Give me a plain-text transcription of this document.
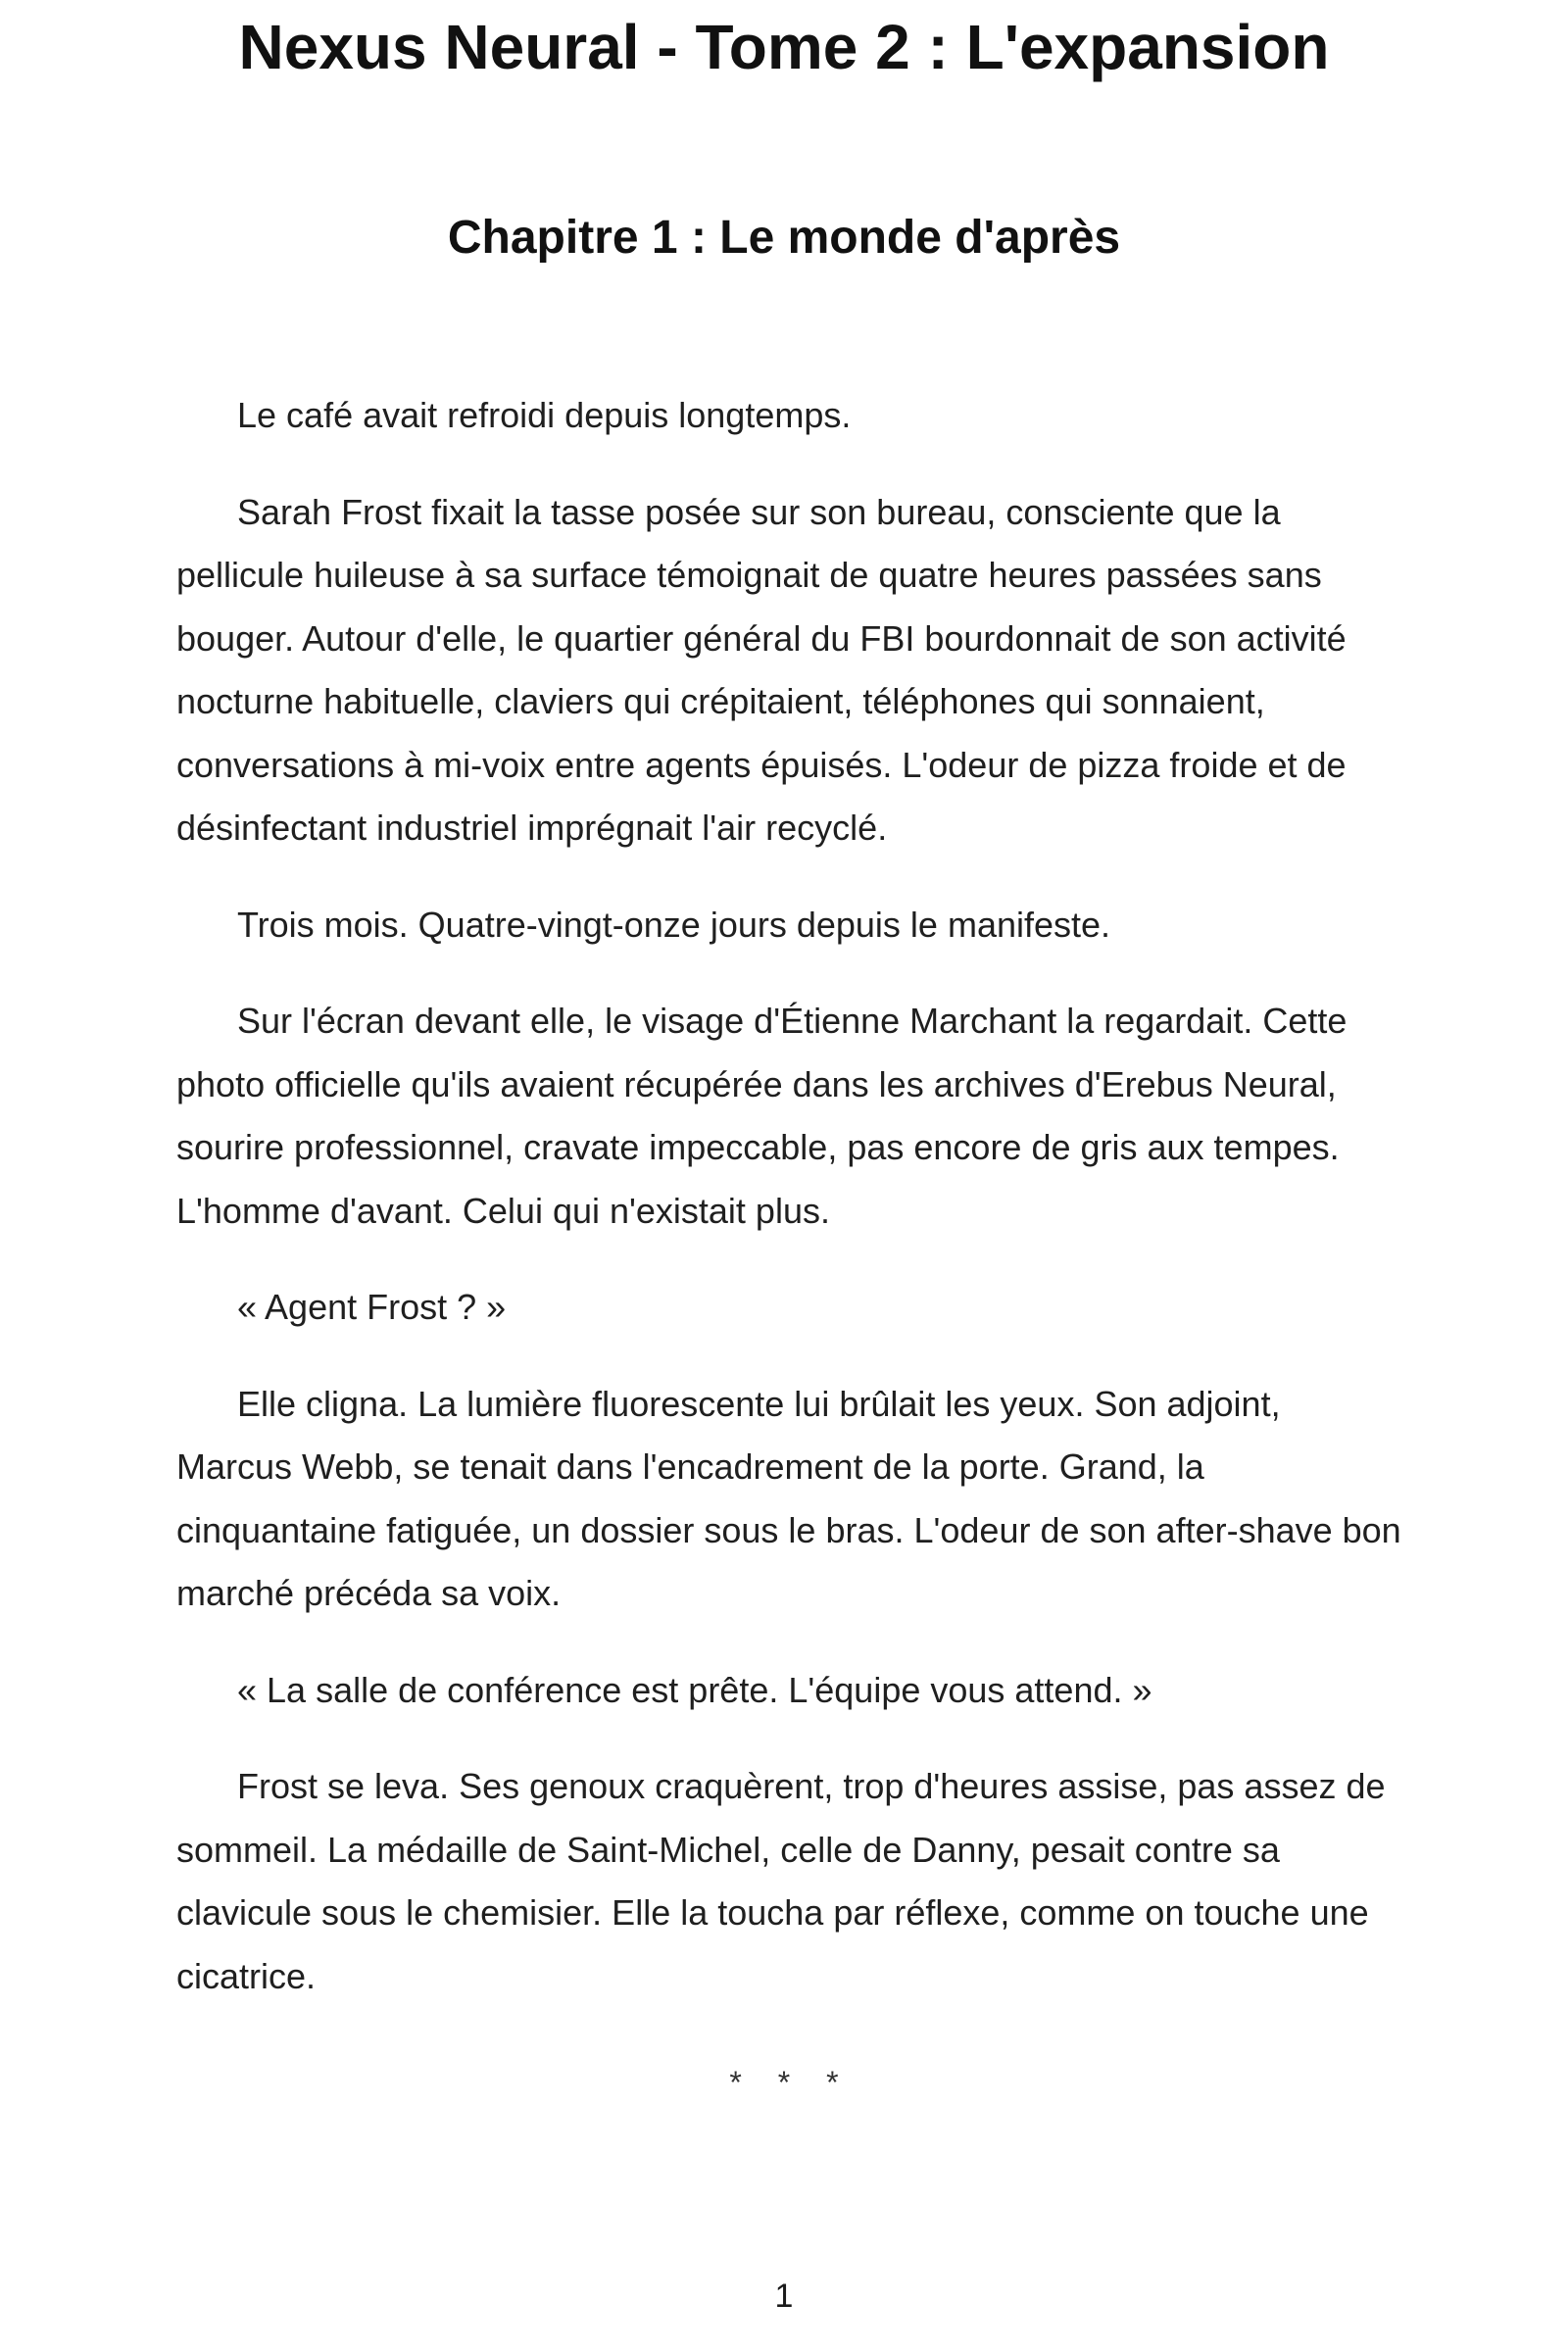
Nexus Neural - Tome 2 : L'expansion
Chapitre 1 : Le monde d'après

Le café avait refroidi depuis longtemps.

Sarah Frost fixait la tasse posée sur son bureau, consciente que la pellicule huileuse à sa surface témoignait de quatre heures passées sans bouger. Autour d'elle, le quartier général du FBI bourdonnait de son activité nocturne habituelle, claviers qui crépitaient, téléphones qui sonnaient, conversations à mi-voix entre agents épuisés. L'odeur de pizza froide et de désinfectant industriel imprégnait l'air recyclé.

Trois mois. Quatre-vingt-onze jours depuis le manifeste.

Sur l'écran devant elle, le visage d'Étienne Marchant la regardait. Cette photo officielle qu'ils avaient récupérée dans les archives d'Erebus Neural, sourire professionnel, cravate impeccable, pas encore de gris aux tempes. L'homme d'avant. Celui qui n'existait plus.

« Agent Frost ? »

Elle cligna. La lumière fluorescente lui brûlait les yeux. Son adjoint, Marcus Webb, se tenait dans l'encadrement de la porte. Grand, la cinquantaine fatiguée, un dossier sous le bras. L'odeur de son after-shave bon marché précéda sa voix.

« La salle de conférence est prête. L'équipe vous attend. »

Frost se leva. Ses genoux craquèrent, trop d'heures assise, pas assez de sommeil. La médaille de Saint-Michel, celle de Danny, pesait contre sa clavicule sous le chemisier. Elle la toucha par réflexe, comme on touche une cicatrice.

* * *
1
